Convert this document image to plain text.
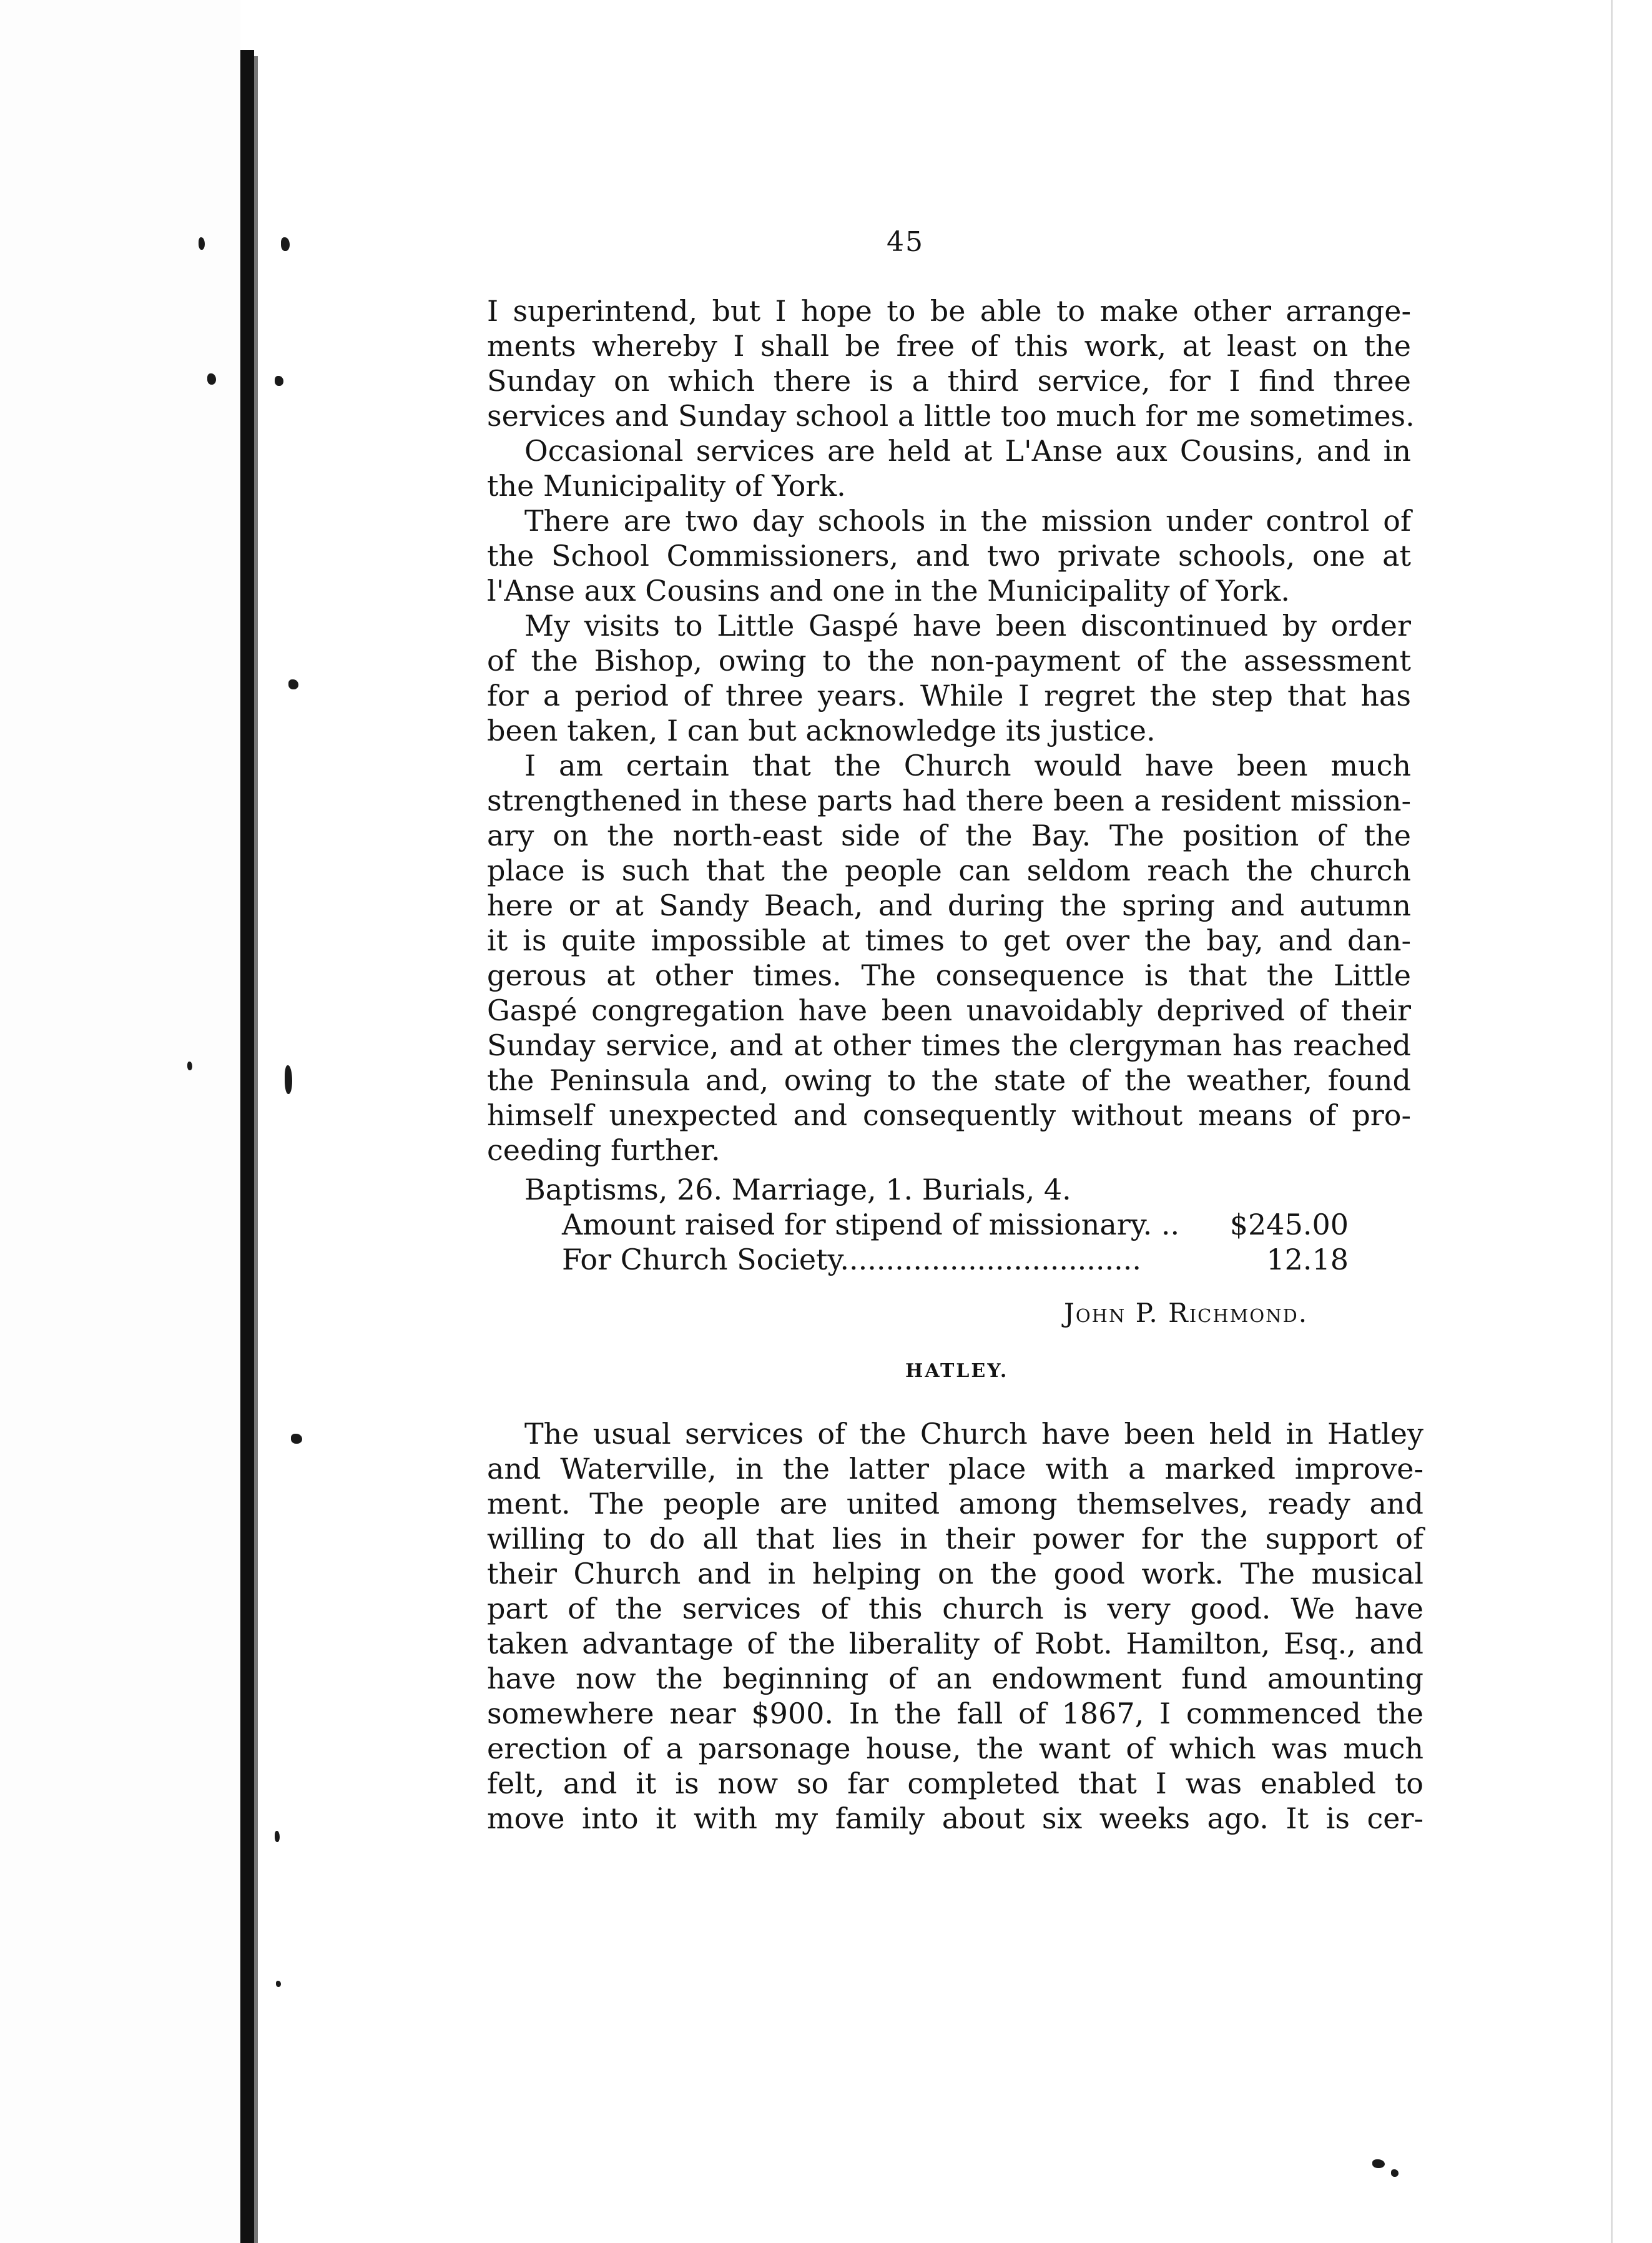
45
I superintend, but I hope to be able to make other arrange-
ments whereby I shall be free of this work, at least on the
Sunday on which there is a third service, for I find three
services and Sunday school a little too much for me sometimes.
Occasional services are held at L'Anse aux Cousins, and in
the Municipality of York.
There are two day schools in the mission under control of
the School Commissioners, and two private schools, one at
l'Anse aux Cousins and one in the Municipality of York.
My visits to Little Gaspé have been discontinued by order
of the Bishop, owing to the non-payment of the assessment
for a period of three years. While I regret the step that has
been taken, I can but acknowledge its justice.
I am certain that the Church would have been much
strengthened in these parts had there been a resident mission-
ary on the north-east side of the Bay. The position of the
place is such that the people can seldom reach the church
here or at Sandy Beach, and during the spring and autumn
it is quite impossible at times to get over the bay, and dan-
gerous at other times. The consequence is that the Little
Gaspé congregation have been unavoidably deprived of their
Sunday service, and at other times the clergyman has reached
the Peninsula and, owing to the state of the weather, found
himself unexpected and consequently without means of pro-
ceeding further.
Baptisms, 26. Marriage, 1. Burials, 4.
Amount raised for stipend of missionary. .. $245.00
For Church Society.................................	12.18
John P. Richmond.
HATLEY.
The usual services of the Church have been held in Hatley
and Waterville, in the latter place with a marked improve-
ment. The people are united among themselves, ready and
willing to do all that lies in their power for the support of
their Church and in helping on the good work. The musical
part of the services of this church is very good. We have
taken advantage of the liberality of Robt. Hamilton, Esq., and
have now the beginning of an endowment fund amounting
somewhere near $900. In the fall of 1867, I commenced the
erection of a parsonage house, the want of which was much
felt, and it is now so far completed that I was enabled to
move into it with my family about six weeks ago. It is cer-
